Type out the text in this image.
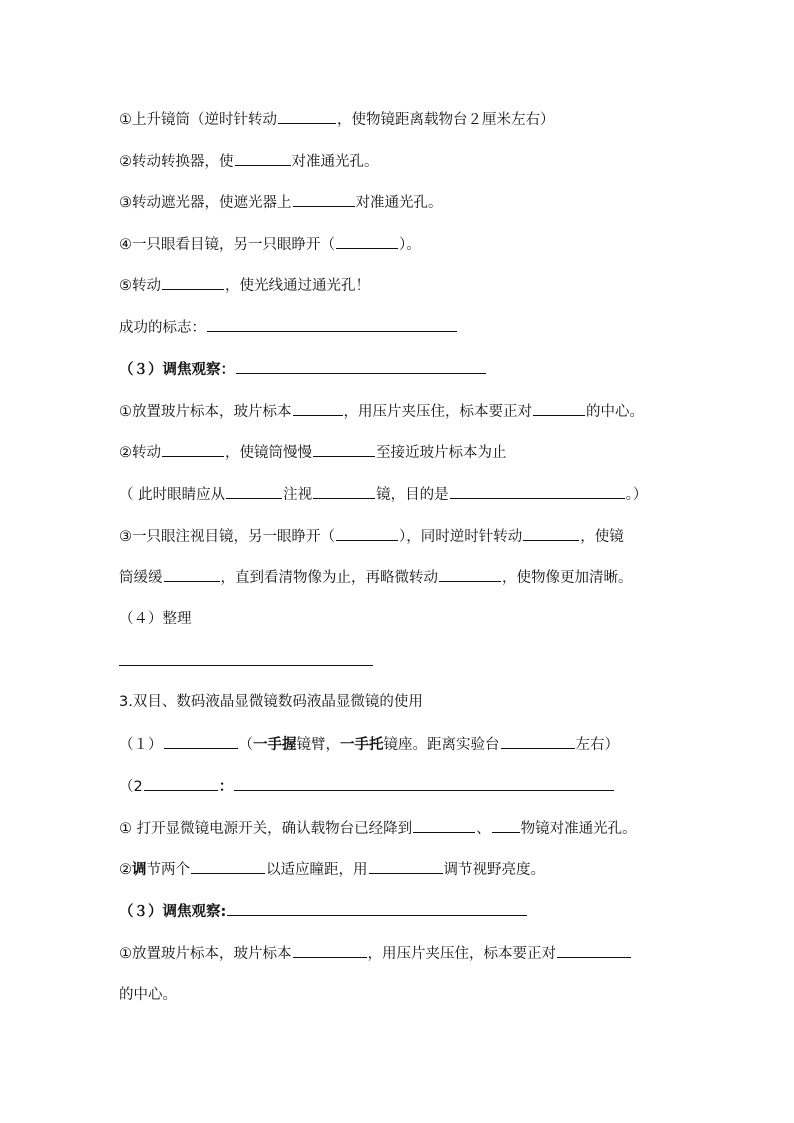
①上升镜筒（逆时针转动	，使物镜距离载物台２厘米左右）
②转动转换器，使	对准通光孔。
③转动遮光器，使遮光器上	对准通光孔。
④一只眼看目镜，另一只眼睁开（	）。
⑤转动	，使光线通过通光孔！
成功的标志：
（３）调焦观察：
①放置玻片标本，玻片标本	，用压片夹压住，标本要正对	的中心。
②转动	，使镜筒慢慢	至接近玻片标本为止
（ 此时眼睛应从	注视	镜，目的是	。）
③一只眼注视目镜，另一眼睁开（	），同时逆时针转动	，使镜
筒缓缓	，直到看清物像为止，再略微转动	，使物像更加清晰。
（４）整理
3.双目、数码液晶显微镜数码液晶显微镜的使用
（１）	（一手握镜臂，一手托镜座。距离实验台	左右）
（2	：
① 打开显微镜电源开关，确认载物台已经降到	、 物镜对准通光孔。
②调节两个	以适应瞳距，用	调节视野亮度。
（３）调焦观察:
①放置玻片标本，玻片标本	，用压片夹压住，标本要正对
的中心。
